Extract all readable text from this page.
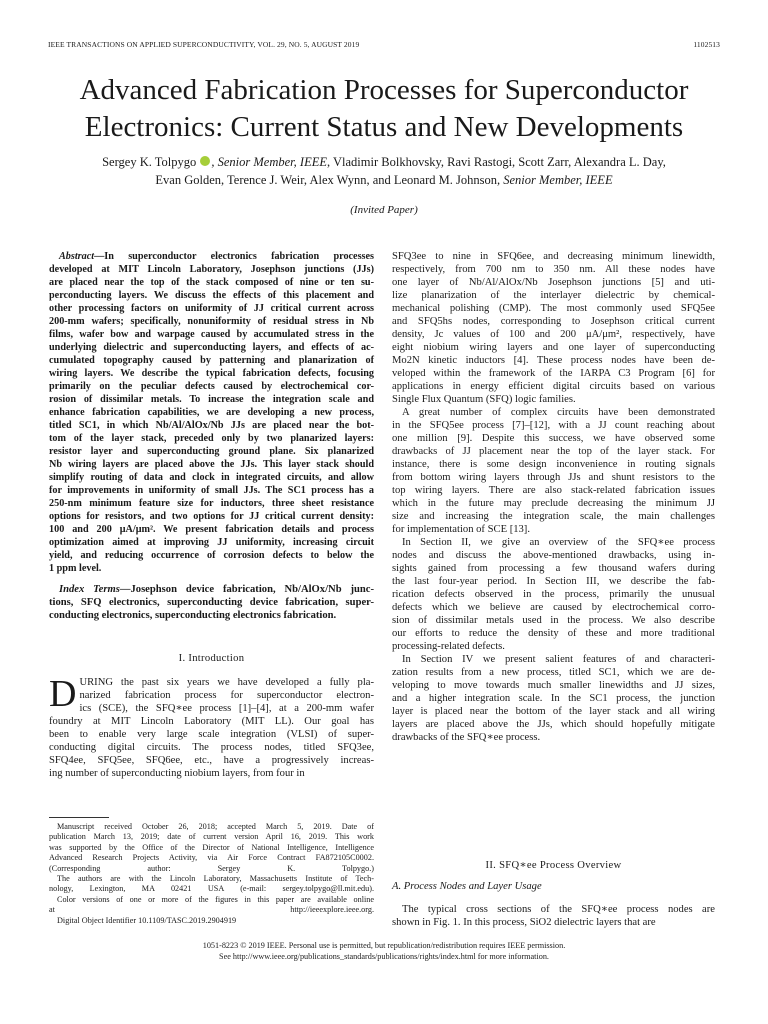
IEEE TRANSACTIONS ON APPLIED SUPERCONDUCTIVITY, VOL. 29, NO. 5, AUGUST 2019	1102513
Advanced Fabrication Processes for Superconductor
Electronics: Current Status and New Developments
Sergey K. Tolpygo , Senior Member, IEEE, Vladimir Bolkhovsky, Ravi Rastogi, Scott Zarr, Alexandra L. Day,
Evan Golden, Terence J. Weir, Alex Wynn, and Leonard M. Johnson, Senior Member, IEEE
(Invited Paper)
Abstract—In superconductor electronics fabrication processes
developed at MIT Lincoln Laboratory, Josephson junctions (JJs)
are placed near the top of the stack composed of nine or ten su-
perconducting layers. We discuss the effects of this placement and
other processing factors on uniformity of JJ critical current across
200-mm wafers; specifically, nonuniformity of residual stress in Nb
films, wafer bow and warpage caused by accumulated stress in the
underlying dielectric and superconducting layers, and effects of ac-
cumulated topography caused by patterning and planarization of
wiring layers. We describe the typical fabrication defects, focusing
primarily on the peculiar defects caused by electrochemical cor-
rosion of dissimilar metals. To increase the integration scale and
enhance fabrication capabilities, we are developing a new process,
titled SC1, in which Nb/Al/AlOx/Nb JJs are placed near the bot-
tom of the layer stack, preceded only by two planarized layers:
resistor layer and superconducting ground plane. Six planarized
Nb wiring layers are placed above the JJs. This layer stack should
simplify routing of data and clock in integrated circuits, and allow
for improvements in uniformity of small JJs. The SC1 process has a
250-nm minimum feature size for inductors, three sheet resistance
options for resistors, and two options for JJ critical current density:
100 and 200 μA/μm². We present fabrication details and process
optimization aimed at improving JJ uniformity, increasing circuit
yield, and reducing occurrence of corrosion defects to below the
1 ppm level.
Index Terms—Josephson device fabrication, Nb/AlOx/Nb junc-
tions, SFQ electronics, superconducting device fabrication, super-
conducting electronics, superconducting electronics fabrication.
I. Introduction
D URING the past six years we have developed a fully pla-
narized fabrication process for superconductor electron-
ics (SCE), the SFQ∗ee process [1]–[4], at a 200-mm wafer
foundry at MIT Lincoln Laboratory (MIT LL). Our goal has
been to enable very large scale integration (VLSI) of super-
conducting digital circuits. The process nodes, titled SFQ3ee,
SFQ4ee, SFQ5ee, SFQ6ee, etc., have a progressively increas-
ing number of superconducting niobium layers, from four in
Manuscript received October 26, 2018; accepted March 5, 2019. Date of
publication March 13, 2019; date of current version April 16, 2019. This work
was supported by the Office of the Director of National Intelligence, Intelligence
Advanced Research Projects Activity, via Air Force Contract FA872105C0002.
(Corresponding author: Sergey K. Tolpygo.)
The authors are with the Lincoln Laboratory, Massachusetts Institute of Tech-
nology, Lexington, MA 02421 USA (e-mail: sergey.tolpygo@ll.mit.edu).
Color versions of one or more of the figures in this paper are available online
at http://ieeexplore.ieee.org.
Digital Object Identifier 10.1109/TASC.2019.2904919
SFQ3ee to nine in SFQ6ee, and decreasing minimum linewidth,
respectively, from 700 nm to 350 nm. All these nodes have
one layer of Nb/Al/AlOx/Nb Josephson junctions [5] and uti-
lize planarization of the interlayer dielectric by chemical-
mechanical polishing (CMP). The most commonly used SFQ5ee
and SFQ5hs nodes, corresponding to Josephson critical current
density, Jc values of 100 and 200 μA/μm², respectively, have
eight niobium wiring layers and one layer of superconducting
Mo2N kinetic inductors [4]. These process nodes have been de-
veloped within the framework of the IARPA C3 Program [6] for
applications in energy efficient digital circuits based on various
Single Flux Quantum (SFQ) logic families.
A great number of complex circuits have been demonstrated
in the SFQ5ee process [7]–[12], with a JJ count reaching about
one million [9]. Despite this success, we have observed some
drawbacks of JJ placement near the top of the layer stack. For
instance, there is some design inconvenience in routing signals
from bottom wiring layers through JJs and shunt resistors to the
top wiring layers. There are also stack-related fabrication issues
which in the future may preclude decreasing the minimum JJ
size and increasing the integration scale, the main challenges
for implementation of SCE [13].
In Section II, we give an overview of the SFQ∗ee process
nodes and discuss the above-mentioned drawbacks, using in-
sights gained from processing a few thousand wafers during
the last four-year period. In Section III, we describe the fab-
rication defects observed in the process, primarily the unusual
defects which we believe are caused by electrochemical corro-
sion of dissimilar metals used in the process. We also describe
our efforts to reduce the density of these and more traditional
processing-related defects.
In Section IV we present salient features of and characteri-
zation results from a new process, titled SC1, which we are de-
veloping to move towards much smaller linewidths and JJ sizes,
and a higher integration scale. In the SC1 process, the junction
layer is placed near the bottom of the layer stack and all wiring
layers are placed above the JJs, which should hopefully mitigate
drawbacks of the SFQ∗ee process.
II. SFQ∗ee Process Overview
A. Process Nodes and Layer Usage
The typical cross sections of the SFQ∗ee process nodes are
shown in Fig. 1. In this process, SiO2 dielectric layers that are
1051-8223 © 2019 IEEE. Personal use is permitted, but republication/redistribution requires IEEE permission.
See http://www.ieee.org/publications_standards/publications/rights/index.html for more information.
